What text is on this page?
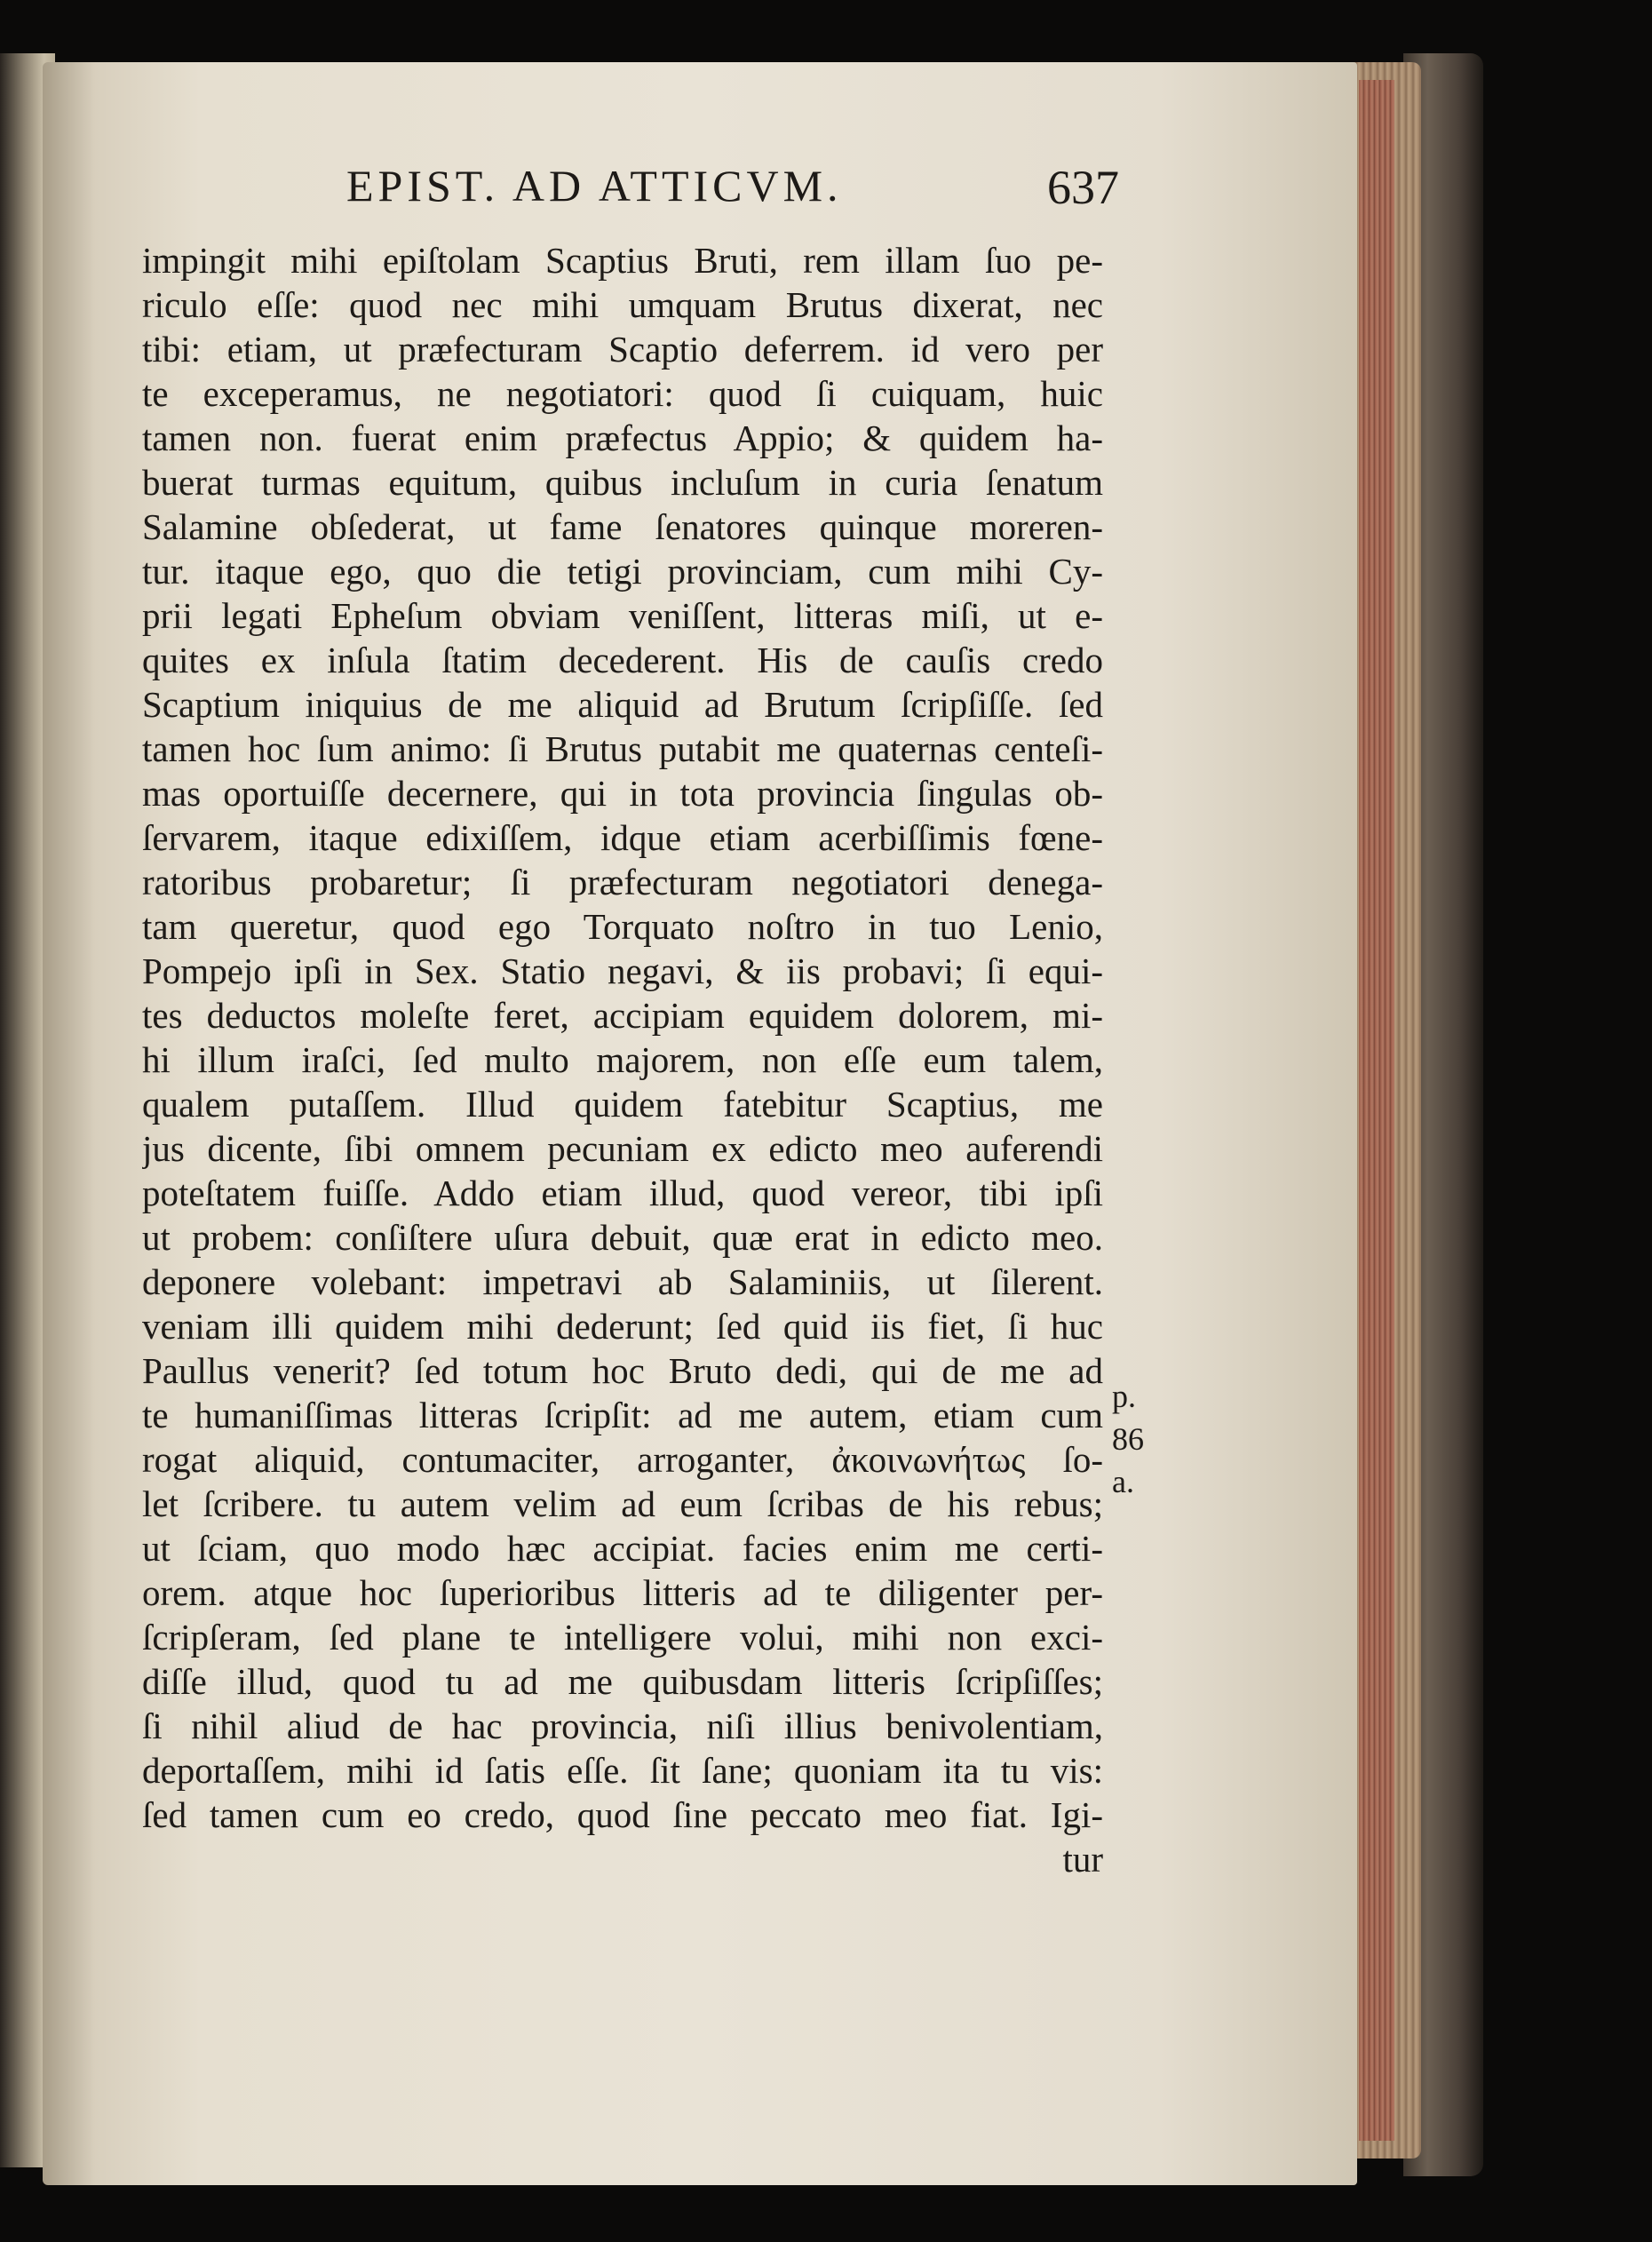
EPIST. AD ATTICVM.	637
impingit mihi epiſtolam Scaptius Bruti, rem illam ſuo pe-
riculo eſſe: quod nec mihi umquam Brutus dixerat, nec
tibi: etiam, ut præfecturam Scaptio deferrem. id vero per
te exceperamus, ne negotiatori: quod ſi cuiquam, huic
tamen non. fuerat enim præfectus Appio; & quidem ha-
buerat turmas equitum, quibus incluſum in curia ſenatum
Salamine obſederat, ut fame ſenatores quinque moreren-
tur. itaque ego, quo die tetigi provinciam, cum mihi Cy-
prii legati Epheſum obviam veniſſent, litteras miſi, ut e-
quites ex inſula ſtatim decederent. His de cauſis credo
Scaptium iniquius de me aliquid ad Brutum ſcripſiſſe. ſed
tamen hoc ſum animo: ſi Brutus putabit me quaternas centeſi-
mas oportuiſſe decernere, qui in tota provincia ſingulas ob-
ſervarem, itaque edixiſſem, idque etiam acerbiſſimis fœne-
ratoribus probaretur; ſi præfecturam negotiatori denega-
tam queretur, quod ego Torquato noſtro in tuo Lenio,
Pompejo ipſi in Sex. Statio negavi, & iis probavi; ſi equi-
tes deductos moleſte feret, accipiam equidem dolorem, mi-
hi illum iraſci, ſed multo majorem, non eſſe eum talem,
qualem putaſſem. Illud quidem fatebitur Scaptius, me
jus dicente, ſibi omnem pecuniam ex edicto meo auferendi
poteſtatem fuiſſe. Addo etiam illud, quod vereor, tibi ipſi
ut probem: conſiſtere uſura debuit, quæ erat in edicto meo.
deponere volebant: impetravi ab Salaminiis, ut ſilerent.
veniam illi quidem mihi dederunt; ſed quid iis fiet, ſi huc
Paullus venerit? ſed totum hoc Bruto dedi, qui de me ad
te humaniſſimas litteras ſcripſit: ad me autem, etiam cum
rogat aliquid, contumaciter, arroganter, ἀκοινωνήτως ſo-
let ſcribere. tu autem velim ad eum ſcribas de his rebus;
ut ſciam, quo modo hæc accipiat. facies enim me certi-
orem. atque hoc ſuperioribus litteris ad te diligenter per-
ſcripſeram, ſed plane te intelligere volui, mihi non exci-
diſſe illud, quod tu ad me quibusdam litteris ſcripſiſſes;
ſi nihil aliud de hac provincia, niſi illius benivolentiam,
deportaſſem, mihi id ſatis eſſe. ſit ſane; quoniam ita tu vis:
ſed tamen cum eo credo, quod ſine peccato meo fiat. Igi-
tur
p. 86
a.
